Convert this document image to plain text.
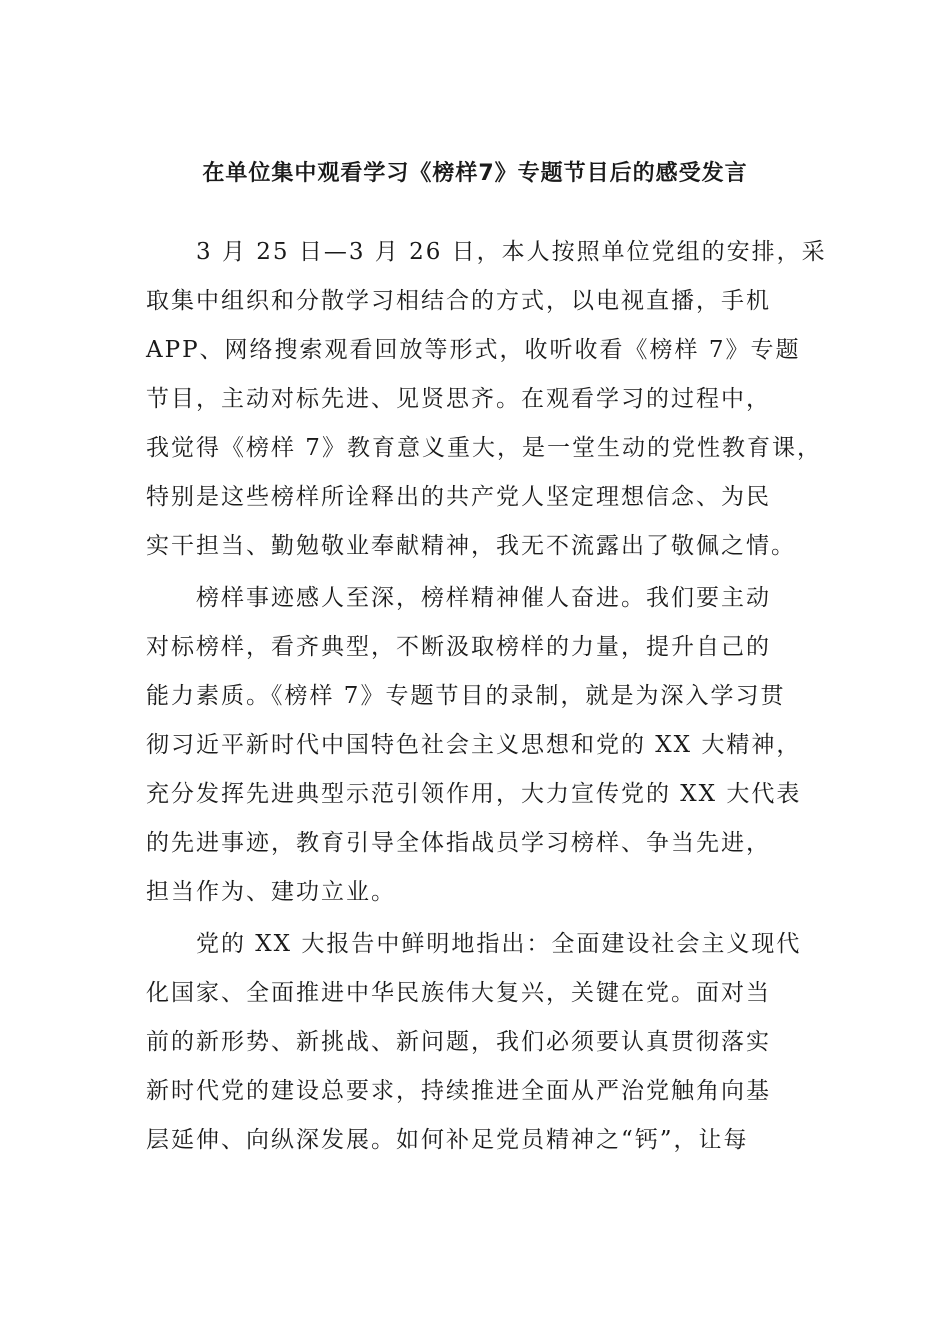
在单位集中观看学习《榜样7》专题节目后的感受发言
3 月 25 日—3 月 26 日，本人按照单位党组的安排，采
取集中组织和分散学习相结合的方式，以电视直播，手机
APP、网络搜索观看回放等形式，收听收看《榜样 7》专题
节目，主动对标先进、见贤思齐。在观看学习的过程中，
我觉得《榜样 7》教育意义重大，是一堂生动的党性教育课，
特别是这些榜样所诠释出的共产党人坚定理想信念、为民
实干担当、勤勉敬业奉献精神，我无不流露出了敬佩之情。
榜样事迹感人至深，榜样精神催人奋进。我们要主动
对标榜样，看齐典型，不断汲取榜样的力量，提升自己的
能力素质。《榜样 7》专题节目的录制，就是为深入学习贯
彻习近平新时代中国特色社会主义思想和党的 XX 大精神，
充分发挥先进典型示范引领作用，大力宣传党的 XX 大代表
的先进事迹，教育引导全体指战员学习榜样、争当先进，
担当作为、建功立业。
党的 XX 大报告中鲜明地指出：全面建设社会主义现代
化国家、全面推进中华民族伟大复兴，关键在党。面对当
前的新形势、新挑战、新问题，我们必须要认真贯彻落实
新时代党的建设总要求，持续推进全面从严治党触角向基
层延伸、向纵深发展。如何补足党员精神之“钙”，让每
